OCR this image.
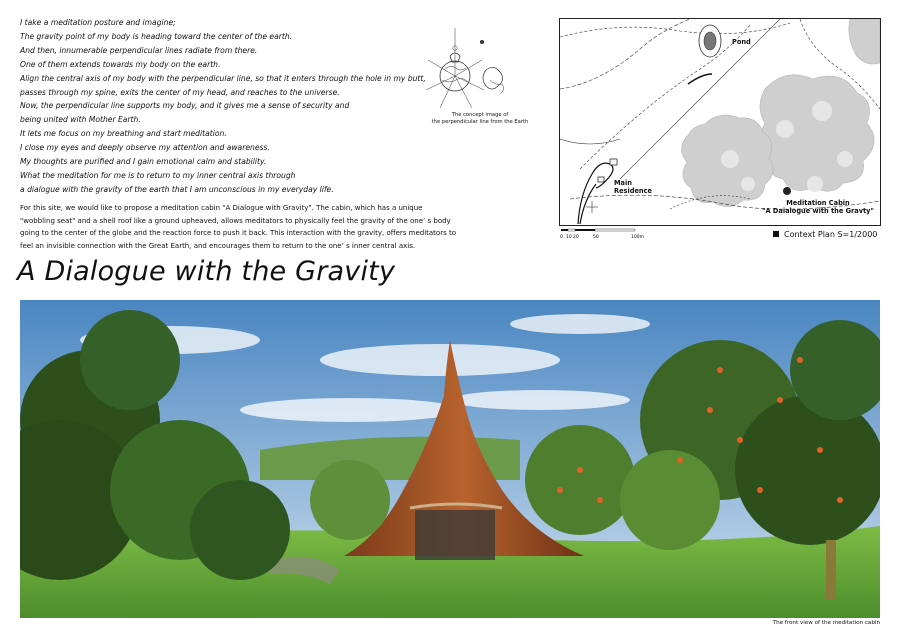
I take a meditation posture and imagine;
The gravity point of my body is heading toward the center of the earth.
And then, innumerable perpendicular lines radiate from there.
One of them extends towards my body on the earth.
Align the central axis of my body with the perpendicular line, so that it enters through the hole in my butt,
passes through my spine, exits the center of my head, and reaches to the universe.
Now, the perpendicular line supports my body, and it gives me a sense of security and
being united with Mother Earth.
It lets me focus on my breathing and start meditation.
I close my eyes and deeply observe my attention and awareness.
My thoughts are purified and I gain emotional calm and stability.
What the meditation for me is to return to my inner central axis through
a dialogue with the gravity of the earth that I am unconscious in my everyday life.

For this site, we would like to propose a meditation cabin "A Dialogue with Gravity". The cabin, which has a unique "wobbling seat" and a shell roof like a ground upheaved, allows meditators to physically feel the gravity of the one’ s body going to the center of the globe and the reaction force to push it back. This interaction with the gravity, offers meditators to feel an invisible connection with the Great Earth, and encourages them to return to the one’ s inner central axis.

The concept image of
the perpendicular line from the Earth
Pond
Main
Residence
Meditation Cabin
"A Daialogue with the Gravty"
0 10 20	50	100m	Context Plan S=1/2000
A Dialogue with the Gravity
The front view of the meditation cabin
